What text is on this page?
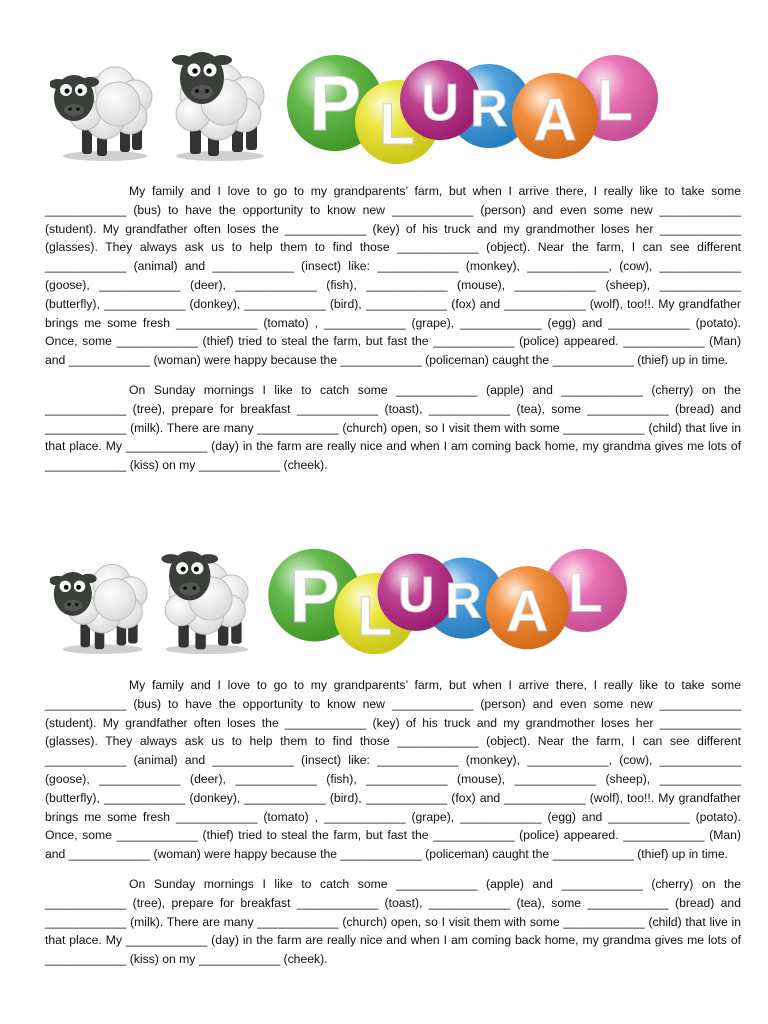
P L U R A L

My family and I love to go to my grandparents’ farm, but when I arrive there, I really like to take some ____________ (bus) to have the opportunity to know new ____________ (person) and even some new ____________ (student). My grandfather often loses the ____________ (key) of his truck and my grandmother loses her ____________ (glasses). They always ask us to help them to find those ____________ (object). Near the farm, I can see different ____________ (animal) and ____________ (insect) like: ____________ (monkey), ____________, (cow), ____________ (goose), ____________ (deer), ____________ (fish), ____________ (mouse), ____________ (sheep), ____________ (butterfly), ____________ (donkey), ____________ (bird), ____________ (fox) and ____________ (wolf), too!!. My grandfather brings me some fresh ____________ (tomato) , ____________ (grape), ____________ (egg) and ____________ (potato). Once, some ____________ (thief) tried to steal the farm, but fast the ____________ (police) appeared. ____________ (Man) and ____________ (woman) were happy because the ____________ (policeman) caught the ____________ (thief) up in time.

On Sunday mornings I like to catch some ____________ (apple) and ____________ (cherry) on the ____________ (tree), prepare for breakfast ____________ (toast), ____________ (tea), some ____________ (bread) and ____________ (milk). There are many ____________ (church) open, so I visit them with some ____________ (child) that live in that place. My ____________ (day) in the farm are really nice and when I am coming back home, my grandma gives me lots of ____________ (kiss) on my ____________ (cheek).

P L U R A L

My family and I love to go to my grandparents’ farm, but when I arrive there, I really like to take some ____________ (bus) to have the opportunity to know new ____________ (person) and even some new ____________ (student). My grandfather often loses the ____________ (key) of his truck and my grandmother loses her ____________ (glasses). They always ask us to help them to find those ____________ (object). Near the farm, I can see different ____________ (animal) and ____________ (insect) like: ____________ (monkey), ____________, (cow), ____________ (goose), ____________ (deer), ____________ (fish), ____________ (mouse), ____________ (sheep), ____________ (butterfly), ____________ (donkey), ____________ (bird), ____________ (fox) and ____________ (wolf), too!!. My grandfather brings me some fresh ____________ (tomato) , ____________ (grape), ____________ (egg) and ____________ (potato). Once, some ____________ (thief) tried to steal the farm, but fast the ____________ (police) appeared. ____________ (Man) and ____________ (woman) were happy because the ____________ (policeman) caught the ____________ (thief) up in time.

On Sunday mornings I like to catch some ____________ (apple) and ____________ (cherry) on the ____________ (tree), prepare for breakfast ____________ (toast), ____________ (tea), some ____________ (bread) and ____________ (milk). There are many ____________ (church) open, so I visit them with some ____________ (child) that live in that place. My ____________ (day) in the farm are really nice and when I am coming back home, my grandma gives me lots of ____________ (kiss) on my ____________ (cheek).
